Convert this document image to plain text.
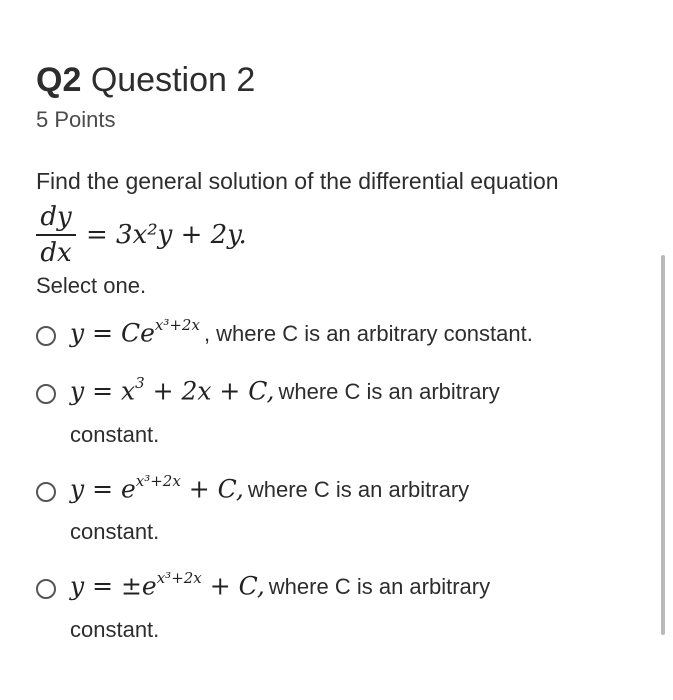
Q2 Question 2
5 Points
Find the general solution of the differential equation
$\frac{dy}{dx} = 3x^2y + 2y$.
Select one.
$y = Ce^{x^3+2x}$ , where C is an arbitrary constant.
$y = x^3 + 2x + C$, where C is an arbitrary
constant.
$y = e^{x^3+2x} + C$, where C is an arbitrary
constant.
$y = \pm e^{x^3+2x} + C$, where C is an arbitrary
constant.
